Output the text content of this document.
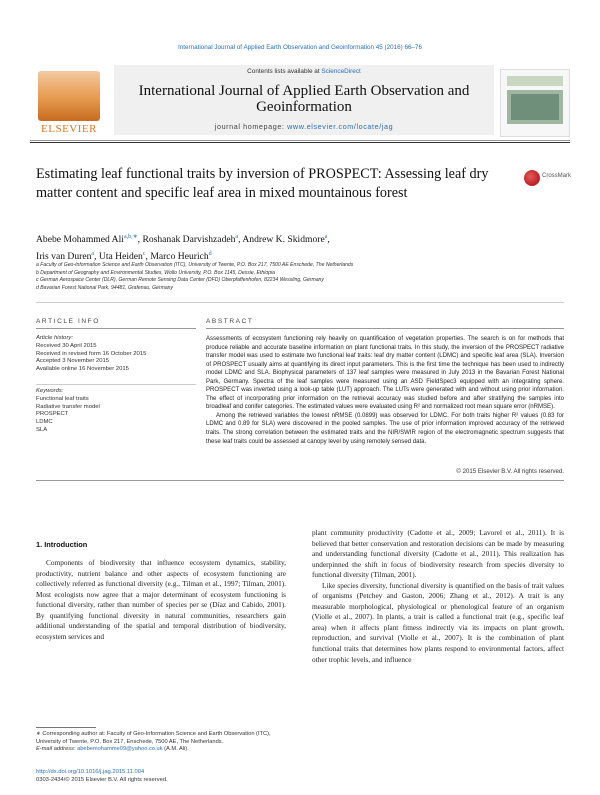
International Journal of Applied Earth Observation and Geoinformation 45 (2016) 66–76
ELSEVIER
Contents lists available at ScienceDirect
International Journal of Applied Earth Observation and Geoinformation
journal homepage: www.elsevier.com/locate/jag
Estimating leaf functional traits by inversion of PROSPECT: Assessing leaf dry matter content and specific leaf area in mixed mountainous forest
CrossMark
Abebe Mohammed Ali$^{a,b,∗}$, Roshanak Darvishzadeh$^a$, Andrew K. Skidmore$^a$,
Iris van Duren$^a$, Uta Heiden$^c$, Marco Heurich$^d$
a Faculty of Geo-Information Science and Earth Observation (ITC), University of Twente, P.O. Box 217, 7500 AE Enschede, The Netherlands
b Department of Geography and Environmental Studies, Wollo University, P.O. Box 1145, Dessie, Ethiopia
c German Aerospace Center (DLR), German Remote Sensing Data Center (DFD) Oberpfaffenhofen, 82234 Wessling, Germany
d Bavarian Forest National Park, 94481, Grafenau, Germany
ARTICLE INFO	ABSTRACT
Article history:
Received 30 April 2015
Received in revised form 16 October 2015
Accepted 3 November 2015
Available online 16 November 2015
Keywords:
Functional leaf traits
Radiative transfer model
PROSPECT
LDMC
SLA

Assessments of ecosystem functioning rely heavily on quantification of vegetation properties. The search is on for methods that produce reliable and accurate baseline information on plant functional traits. In this study, the inversion of the PROSPECT radiative transfer model was used to estimate two functional leaf traits: leaf dry matter content (LDMC) and specific leaf area (SLA). Inversion of PROSPECT usually aims at quantifying its direct input parameters. This is the first time the technique has been used to indirectly model LDMC and SLA. Biophysical parameters of 137 leaf samples were measured in July 2013 in the Bavarian Forest National Park, Germany. Spectra of the leaf samples were measured using an ASD FieldSpec3 equipped with an integrating sphere. PROSPECT was inverted using a look-up table (LUT) approach. The LUTs were generated with and without using prior information. The effect of incorporating prior information on the retrieval accuracy was studied before and after stratifying the samples into broadleaf and conifer categories. The estimated values were evaluated using R² and normalized root mean square error (nRMSE).

Among the retrieved variables the lowest nRMSE (0.0899) was observed for LDMC. For both traits higher R² values (0.83 for LDMC and 0.89 for SLA) were discovered in the pooled samples. The use of prior information improved accuracy of the retrieved traits. The strong correlation between the estimated traits and the NIR/SWIR region of the electromagnetic spectrum suggests that these leaf traits could be assessed at canopy level by using remotely sensed data.

© 2015 Elsevier B.V. All rights reserved.
1. Introduction

Components of biodiversity that influence ecosystem dynamics, stability, productivity, nutrient balance and other aspects of ecosystem functioning are collectively referred as functional diversity (e.g., Tilman et al., 1997; Tilman, 2001). Most ecologists now agree that a major determinant of ecosystem functioning is functional diversity, rather than number of species per se (Díaz and Cabido, 2001). By quantifying functional diversity in natural communities, researchers gain additional understanding of the spatial and temporal distribution of biodiversity, ecosystem services and

plant community productivity (Cadotte et al., 2009; Lavorel et al., 2011). It is believed that better conservation and restoration decisions can be made by measuring and understanding functional diversity (Cadotte et al., 2011). This realization has underpinned the shift in focus of biodiversity research from species diversity to functional diversity (Tilman, 2001).

Like species diversity, functional diversity is quantified on the basis of trait values of organisms (Petchey and Gaston, 2006; Zhang et al., 2012). A trait is any measurable morphological, physiological or phenological feature of an organism (Violle et al., 2007). In plants, a trait is called a functional trait (e.g., specific leaf area) when it affects plant fitness indirectly via its impacts on plant growth, reproduction, and survival (Violle et al., 2007). It is the combination of plant functional traits that determines how plants respond to environmental factors, affect other trophic levels, and influence

∗ Corresponding author at: Faculty of Geo-Information Science and Earth Observation (ITC), University of Twente, P.O. Box 217, Enschede, 7500 AE, The Netherlands.
E-mail address: abebemohamme09@yahoo.co.uk (A.M. Ali).
http://dx.doi.org/10.1016/j.jag.2015.11.004
0303-2434/© 2015 Elsevier B.V. All rights reserved.
